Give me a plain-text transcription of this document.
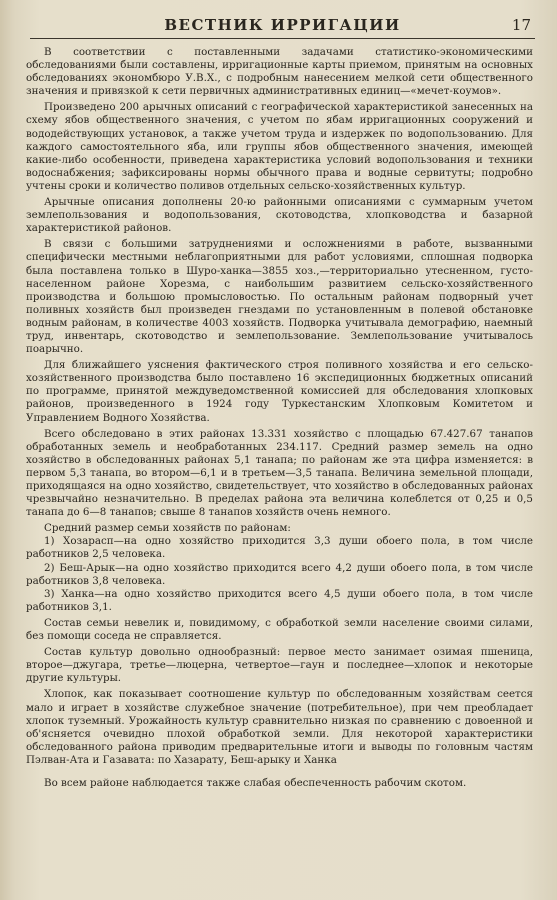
ВЕСТНИК ИРРИГАЦИИ	17

В соответствии с поставленными задачами статистико-экономическими обследованиями были составлены, ирригационные карты приемом, принятым на основных обследованиях экономбюро У.В.Х., с подробным нанесением мелкой сети общественного значения и привязкой к сети первичных административных единиц—«мечет-коумов».

Произведено 200 арычных описаний с географической характеристикой занесенных на схему ябов общественного значения, с учетом по ябам ирригационных сооружений и вододействующих установок, а также учетом труда и издержек по водопользованию. Для каждого самостоятельного яба, или группы ябов общественного значения, имеющей какие-либо особенности, приведена характеристика условий водопользования и техники водоснабжения; зафиксированы нормы обычного права и водные сервитуты; подробно учтены сроки и количество поливов отдельных сельско-хозяйственных культур.

Арычные описания дополнены 20-ю районными описаниями с суммарным учетом землепользования и водопользования, скотоводства, хлопководства и базарной характеристикой районов.

В связи с большими затруднениями и осложнениями в работе, вызванными специфически местными неблагоприятными для работ условиями, сплошная подворка была поставлена только в Шуро-ханка—3855 хоз.,—территориально утесненном, густо-населенном районе Хорезма, с наибольшим развитием сельско-хозяйственного производства и большою промысловостью. По остальным районам подворный учет поливных хозяйств был произведен гнездами по установленным в полевой обстановке водным районам, в количестве 4003 хозяйств. Подворка учитывала демографию, наемный труд, инвентарь, скотоводство и землепользование. Землепользование учитывалось поарычно.

Для ближайшего уяснения фактического строя поливного хозяйства и его сельско-хозяйственного производства было поставлено 16 экспедиционных бюджетных описаний по программе, принятой междуведомственной комиссией для обследования хлопковых районов, произведенного в 1924 году Туркестанским Хлопковым Комитетом и Управлением Водного Хозяйства.

Всего обследовано в этих районах 13.331 хозяйство с площадью 67.427.67 танапов обработанных земель и необработанных 234.117. Средний размер земель на одно хозяйство в обследованных районах 5,1 танапа; по районам же эта цифра изменяется: в первом 5,3 танапа, во втором—6,1 и в третьем—3,5 танапа. Величина земельной площади, приходящаяся на одно хозяйство, свидетельствует, что хозяйство в обследованных районах чрезвычайно незначительно. В пределах района эта величина колеблется от 0,25 и 0,5 танапа до 6—8 танапов; свыше 8 танапов хозяйств очень немного.

Средний размер семьи хозяйств по районам:

1) Хозарасп—на одно хозяйство приходится 3,3 души обоего пола, в том числе работников 2,5 человека.

2) Беш-Арык—на одно хозяйство приходится всего 4,2 души обоего пола, в том числе работников 3,8 человека.

3) Ханка—на одно хозяйство приходится всего 4,5 души обоего пола, в том числе работников 3,1.

Состав семьи невелик и, повидимому, с обработкой земли население своими силами, без помощи соседа не справляется.

Состав культур довольно однообразный: первое место занимает озимая пшеница, второе—джугара, третье—люцерна, четвертое—гаун и последнее—хлопок и некоторые другие культуры.

Хлопок, как показывает соотношение культур по обследованным хозяйствам сеется мало и играет в хозяйстве служебное значение (потребительное), при чем преобладает хлопок туземный. Урожайность культур сравнительно низкая по сравнению с довоенной и об'ясняется очевидно плохой обработкой земли. Для некоторой характеристики обследованного района приводим предварительные итоги и выводы по головным частям Пэлван-Ата и Газавата: по Хазарату, Беш-арыку и Ханка

Во всем районе наблюдается также слабая обеспеченность рабочим скотом.
